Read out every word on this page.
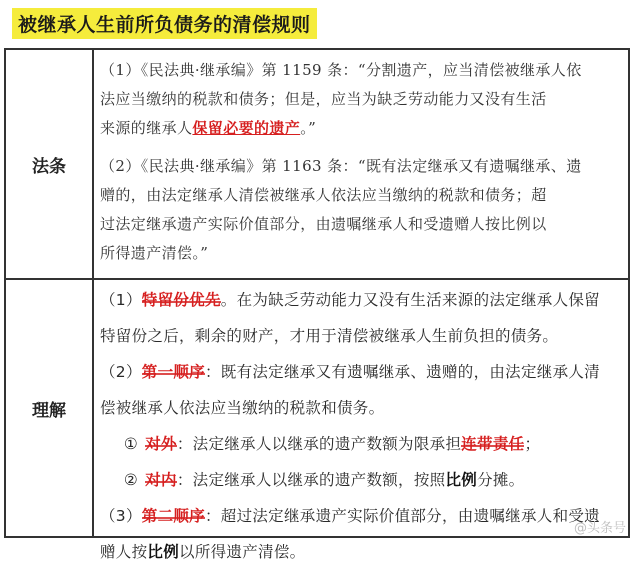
被继承人生前所负债务的清偿规则
法条
（1）《民法典·继承编》第 1159 条：“分割遗产，应当清偿被继承人依
法应当缴纳的税款和债务；但是，应当为缺乏劳动能力又没有生活
来源的继承人保留必要的遗产。”
（2）《民法典·继承编》第 1163 条：“既有法定继承又有遗嘱继承、遗
赠的，由法定继承人清偿被继承人依法应当缴纳的税款和债务；超
过法定继承遗产实际价值部分，由遗嘱继承人和受遗赠人按比例以
所得遗产清偿。”
理解
（1）特留份优先。在为缺乏劳动能力又没有生活来源的法定继承人保留
特留份之后，剩余的财产，才用于清偿被继承人生前负担的债务。
（2）第一顺序：既有法定继承又有遗嘱继承、遗赠的，由法定继承人清
偿被继承人依法应当缴纳的税款和债务。
① 对外：法定继承人以继承的遗产数额为限承担连带责任；
② 对内：法定继承人以继承的遗产数额，按照比例分摊。
（3）第二顺序：超过法定继承遗产实际价值部分，由遗嘱继承人和受遗
赠人按比例以所得遗产清偿。	@头条号
